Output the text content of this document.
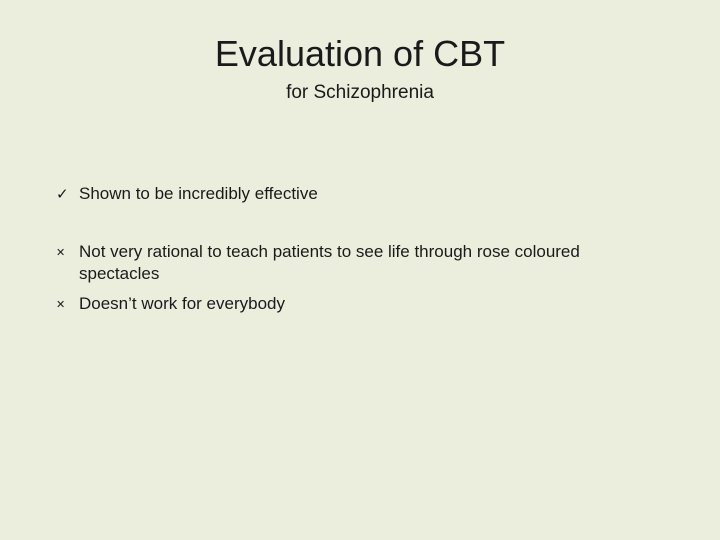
Evaluation of CBT
for Schizophrenia
✓ Shown to be incredibly effective
✕ Not very rational to teach patients to see life through rose coloured spectacles
✕ Doesn’t work for everybody
